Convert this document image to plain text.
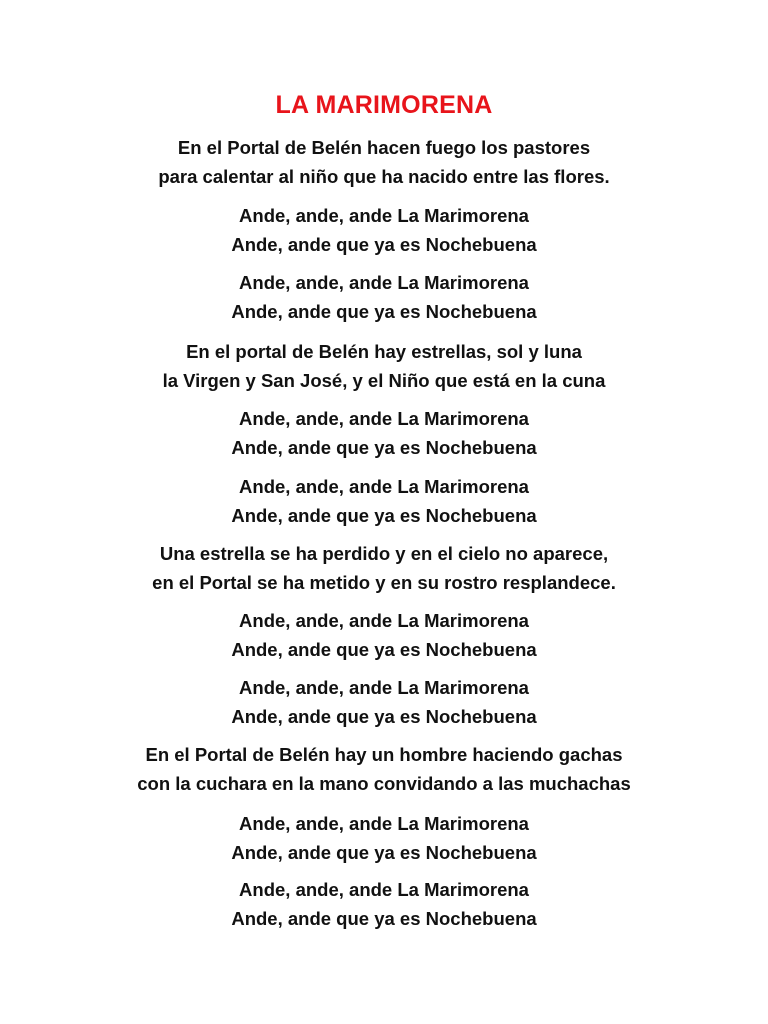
LA MARIMORENA
En el Portal de Belén hacen fuego los pastores
para calentar al niño que ha nacido entre las flores.
Ande, ande, ande La Marimorena
Ande, ande que ya es Nochebuena
Ande, ande, ande La Marimorena
Ande, ande que ya es Nochebuena
En el portal de Belén hay estrellas, sol y luna
la Virgen y San José, y el Niño que está en la cuna
Ande, ande, ande La Marimorena
Ande, ande que ya es Nochebuena
Ande, ande, ande La Marimorena
Ande, ande que ya es Nochebuena
Una estrella se ha perdido y en el cielo no aparece,
en el Portal se ha metido y en su rostro resplandece.
Ande, ande, ande La Marimorena
Ande, ande que ya es Nochebuena
Ande, ande, ande La Marimorena
Ande, ande que ya es Nochebuena
En el Portal de Belén hay un hombre haciendo gachas
con la cuchara en la mano convidando a las muchachas
Ande, ande, ande La Marimorena
Ande, ande que ya es Nochebuena
Ande, ande, ande La Marimorena
Ande, ande que ya es Nochebuena
